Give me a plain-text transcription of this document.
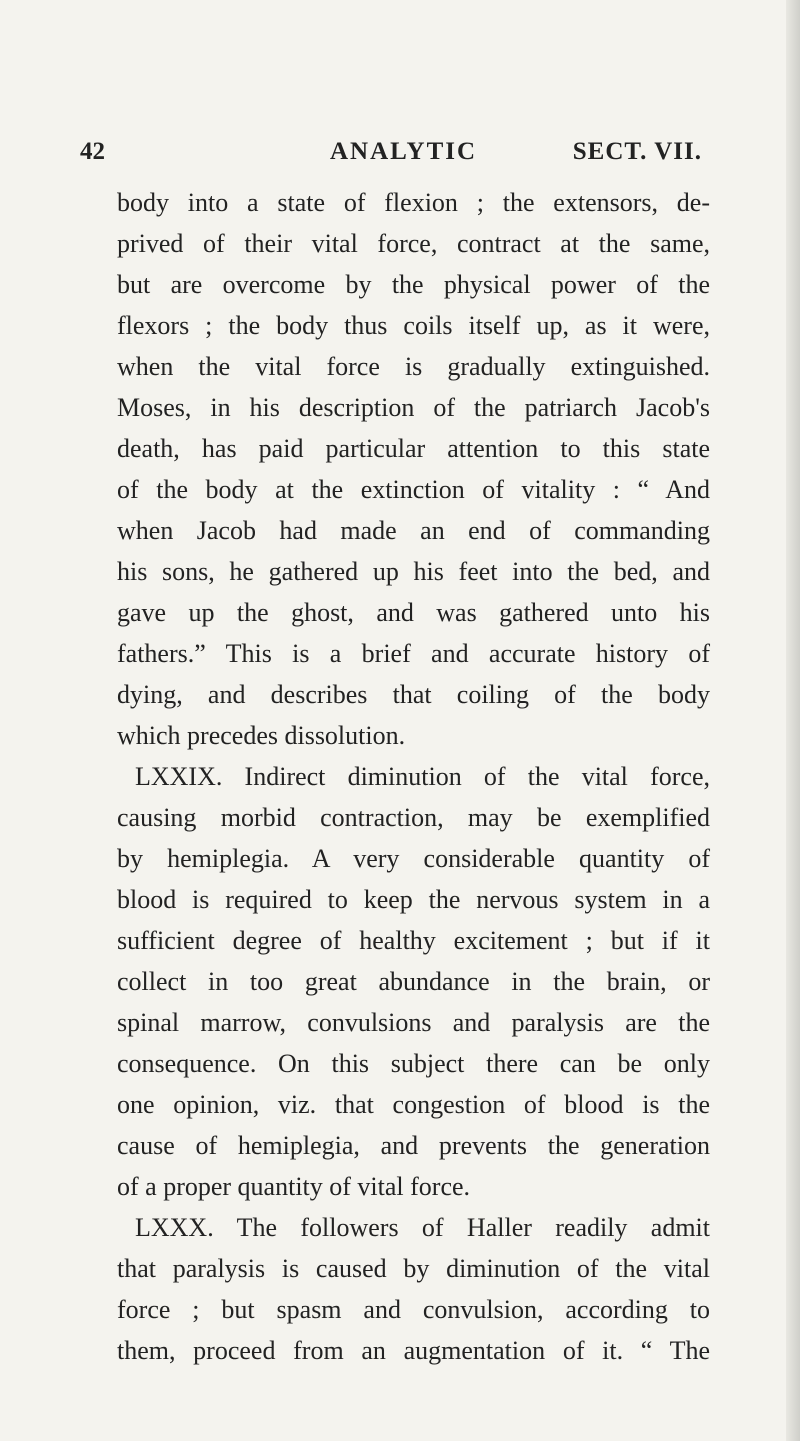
42	ANALYTIC	SECT. VII.
body into a state of flexion ; the extensors, de-
prived of their vital force, contract at the same,
but are overcome by the physical power of the
flexors ; the body thus coils itself up, as it were,
when the vital force is gradually extinguished.
Moses, in his description of the patriarch Jacob's
death, has paid particular attention to this state
of the body at the extinction of vitality : “ And
when Jacob had made an end of commanding
his sons, he gathered up his feet into the bed, and
gave up the ghost, and was gathered unto his
fathers.” This is a brief and accurate history of
dying, and describes that coiling of the body
which precedes dissolution.
LXXIX. Indirect diminution of the vital force,
causing morbid contraction, may be exemplified
by hemiplegia. A very considerable quantity of
blood is required to keep the nervous system in a
sufficient degree of healthy excitement ; but if it
collect in too great abundance in the brain, or
spinal marrow, convulsions and paralysis are the
consequence. On this subject there can be only
one opinion, viz. that congestion of blood is the
cause of hemiplegia, and prevents the generation
of a proper quantity of vital force.
LXXX. The followers of Haller readily admit
that paralysis is caused by diminution of the vital
force ; but spasm and convulsion, according to
them, proceed from an augmentation of it. “ The
